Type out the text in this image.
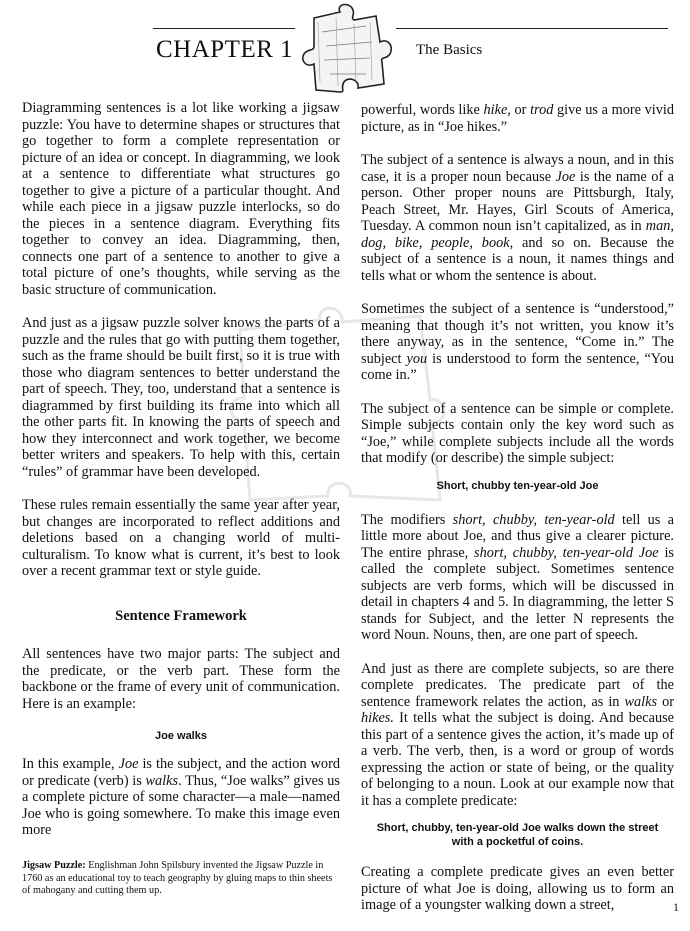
CHAPTER 1	The Basics

Diagramming sentences is a lot like working a jigsaw puzzle: You have to determine shapes or structures that go together to form a complete representation or picture of an idea or concept. In diagramming, we look at a sentence to differentiate what structures go together to give a picture of a particular thought. And while each piece in a jigsaw puzzle interlocks, so do the pieces in a sentence diagram. Everything fits together to convey an idea. Diagramming, then, connects one part of a sentence to another to give a total picture of one’s thoughts, while serving as the basic structure of communication.

And just as a jigsaw puzzle solver knows the parts of a puzzle and the rules that go with putting them together, such as the frame should be built first, so it is true with those who diagram sentences to better understand the part of speech. They, too, understand that a sentence is diagrammed by first building its frame into which all the other parts fit. In knowing the parts of speech and how they interconnect and work together, we become better writers and speakers. To help with this, certain “rules” of grammar have been developed.

These rules remain essentially the same year after year, but changes are incorporated to reflect additions and deletions based on a changing world of multi-culturalism. To know what is current, it’s best to look over a recent grammar text or style guide.

Sentence Framework

All sentences have two major parts: The subject and the predicate, or the verb part. These form the backbone or the frame of every unit of communication. Here is an example:

Joe walks

In this example, Joe is the subject, and the action word or predicate (verb) is walks. Thus, “Joe walks” gives us a complete picture of some character—a male—named Joe who is going somewhere. To make this image even more

Jigsaw Puzzle: Englishman John Spilsbury invented the Jigsaw Puzzle in 1760 as an educational toy to teach geography by gluing maps to thin sheets of mahogany and cutting them up.

powerful, words like hike, or trod give us a more vivid picture, as in “Joe hikes.”

The subject of a sentence is always a noun, and in this case, it is a proper noun because Joe is the name of a person. Other proper nouns are Pittsburgh, Italy, Peach Street, Mr. Hayes, Girl Scouts of America, Tuesday. A common noun isn’t capitalized, as in man, dog, bike, people, book, and so on. Because the subject of a sentence is a noun, it names things and tells what or whom the sentence is about.

Sometimes the subject of a sentence is “understood,” meaning that though it’s not written, you know it’s there anyway, as in the sentence, “Come in.” The subject you is understood to form the sentence, “You come in.”

The subject of a sentence can be simple or complete. Simple subjects contain only the key word such as “Joe,” while complete subjects include all the words that modify (or describe) the simple subject:

Short, chubby ten-year-old Joe

The modifiers short, chubby, ten-year-old tell us a little more about Joe, and thus give a clearer picture. The entire phrase, short, chubby, ten-year-old Joe is called the complete subject. Sometimes sentence subjects are verb forms, which will be discussed in detail in chapters 4 and 5. In diagramming, the letter S stands for Subject, and the letter N represents the word Noun. Nouns, then, are one part of speech.

And just as there are complete subjects, so are there complete predicates. The predicate part of the sentence framework relates the action, as in walks or hikes. It tells what the subject is doing. And because this part of a sentence gives the action, it’s made up of a verb. The verb, then, is a word or group of words expressing the action or state of being, or the quality of belonging to a noun. Look at our example now that it has a complete predicate:

Short, chubby, ten-year-old Joe walks down the street with a pocketful of coins.

Creating a complete predicate gives an even better picture of what Joe is doing, allowing us to form an image of a youngster walking down a street,	1
